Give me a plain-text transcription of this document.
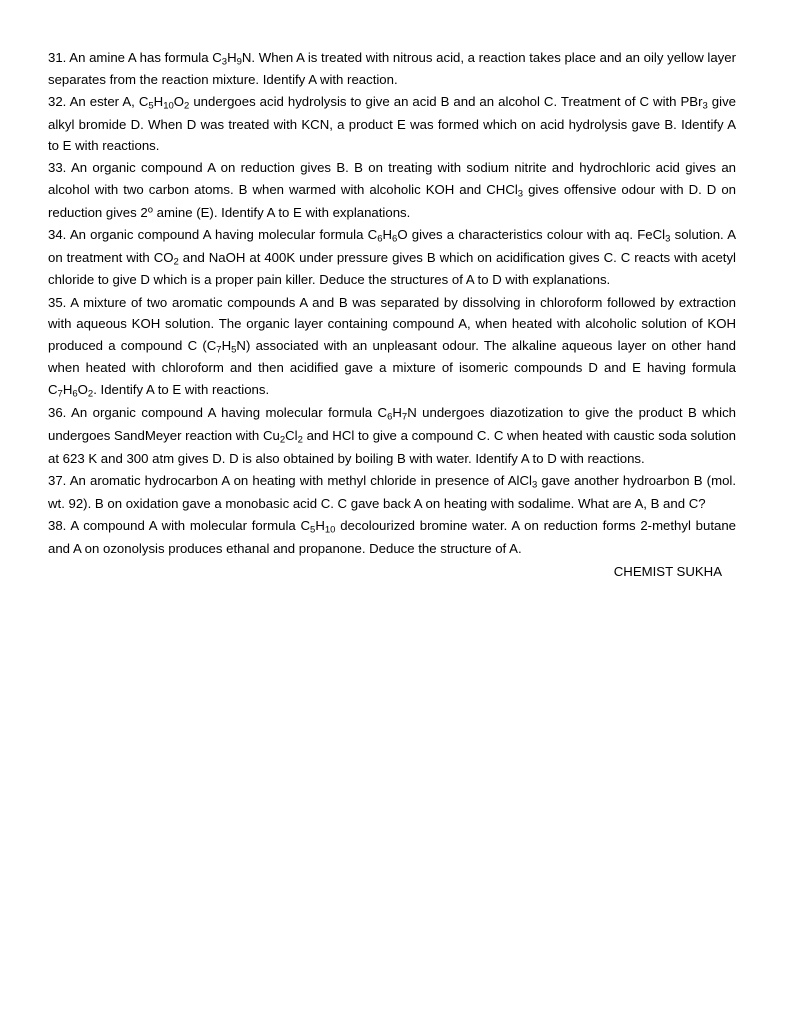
31. An amine A has formula $C_3H_9N$. When A is treated with nitrous acid, a reaction takes place and an oily yellow layer separates from the reaction mixture. Identify A with reaction.

32. An ester A, $C_5H_{10}O_2$ undergoes acid hydrolysis to give an acid B and an alcohol C. Treatment of C with PBr$_3$ give alkyl bromide D. When D was treated with KCN, a product E was formed which on acid hydrolysis gave B. Identify A to E with reactions.

33. An organic compound A on reduction gives B. B on treating with sodium nitrite and hydrochloric acid gives an alcohol with two carbon atoms. B when warmed with alcoholic KOH and CHCl$_3$ gives offensive odour with D. D on reduction gives 2$^o$ amine (E). Identify A to E with explanations.

34. An organic compound A having molecular formula $C_6H_6O$ gives a characteristics colour with aq. FeCl$_3$ solution. A on treatment with $CO_2$ and NaOH at 400K under pressure gives B which on acidification gives C. C reacts with acetyl chloride to give D which is a proper pain killer. Deduce the structures of A to D with explanations.

35. A mixture of two aromatic compounds A and B was separated by dissolving in chloroform followed by extraction with aqueous KOH solution. The organic layer containing compound A, when heated with alcoholic solution of KOH produced a compound C $(C_7H_5N)$ associated with an unpleasant odour. The alkaline aqueous layer on other hand when heated with chloroform and then acidified gave a mixture of isomeric compounds D and E having formula $C_7H_6O_2$. Identify A to E with reactions.

36. An organic compound A having molecular formula $C_6H_7N$ undergoes diazotization to give the product B which undergoes SandMeyer reaction with $Cu_2Cl_2$ and HCl to give a compound C. C when heated with caustic soda solution at 623 K and 300 atm gives D. D is also obtained by boiling B with water. Identify A to D with reactions.

37. An aromatic hydrocarbon A on heating with methyl chloride in presence of AlCl$_3$ gave another hydroarbon B (mol. wt. 92). B on oxidation gave a monobasic acid C. C gave back A on heating with sodalime. What are A, B and C?

38. A compound A with molecular formula $C_5H_{10}$ decolourized bromine water. A on reduction forms 2-methyl butane and A on ozonolysis produces ethanal and propanone. Deduce the structure of A.

CHEMIST SUKHA
